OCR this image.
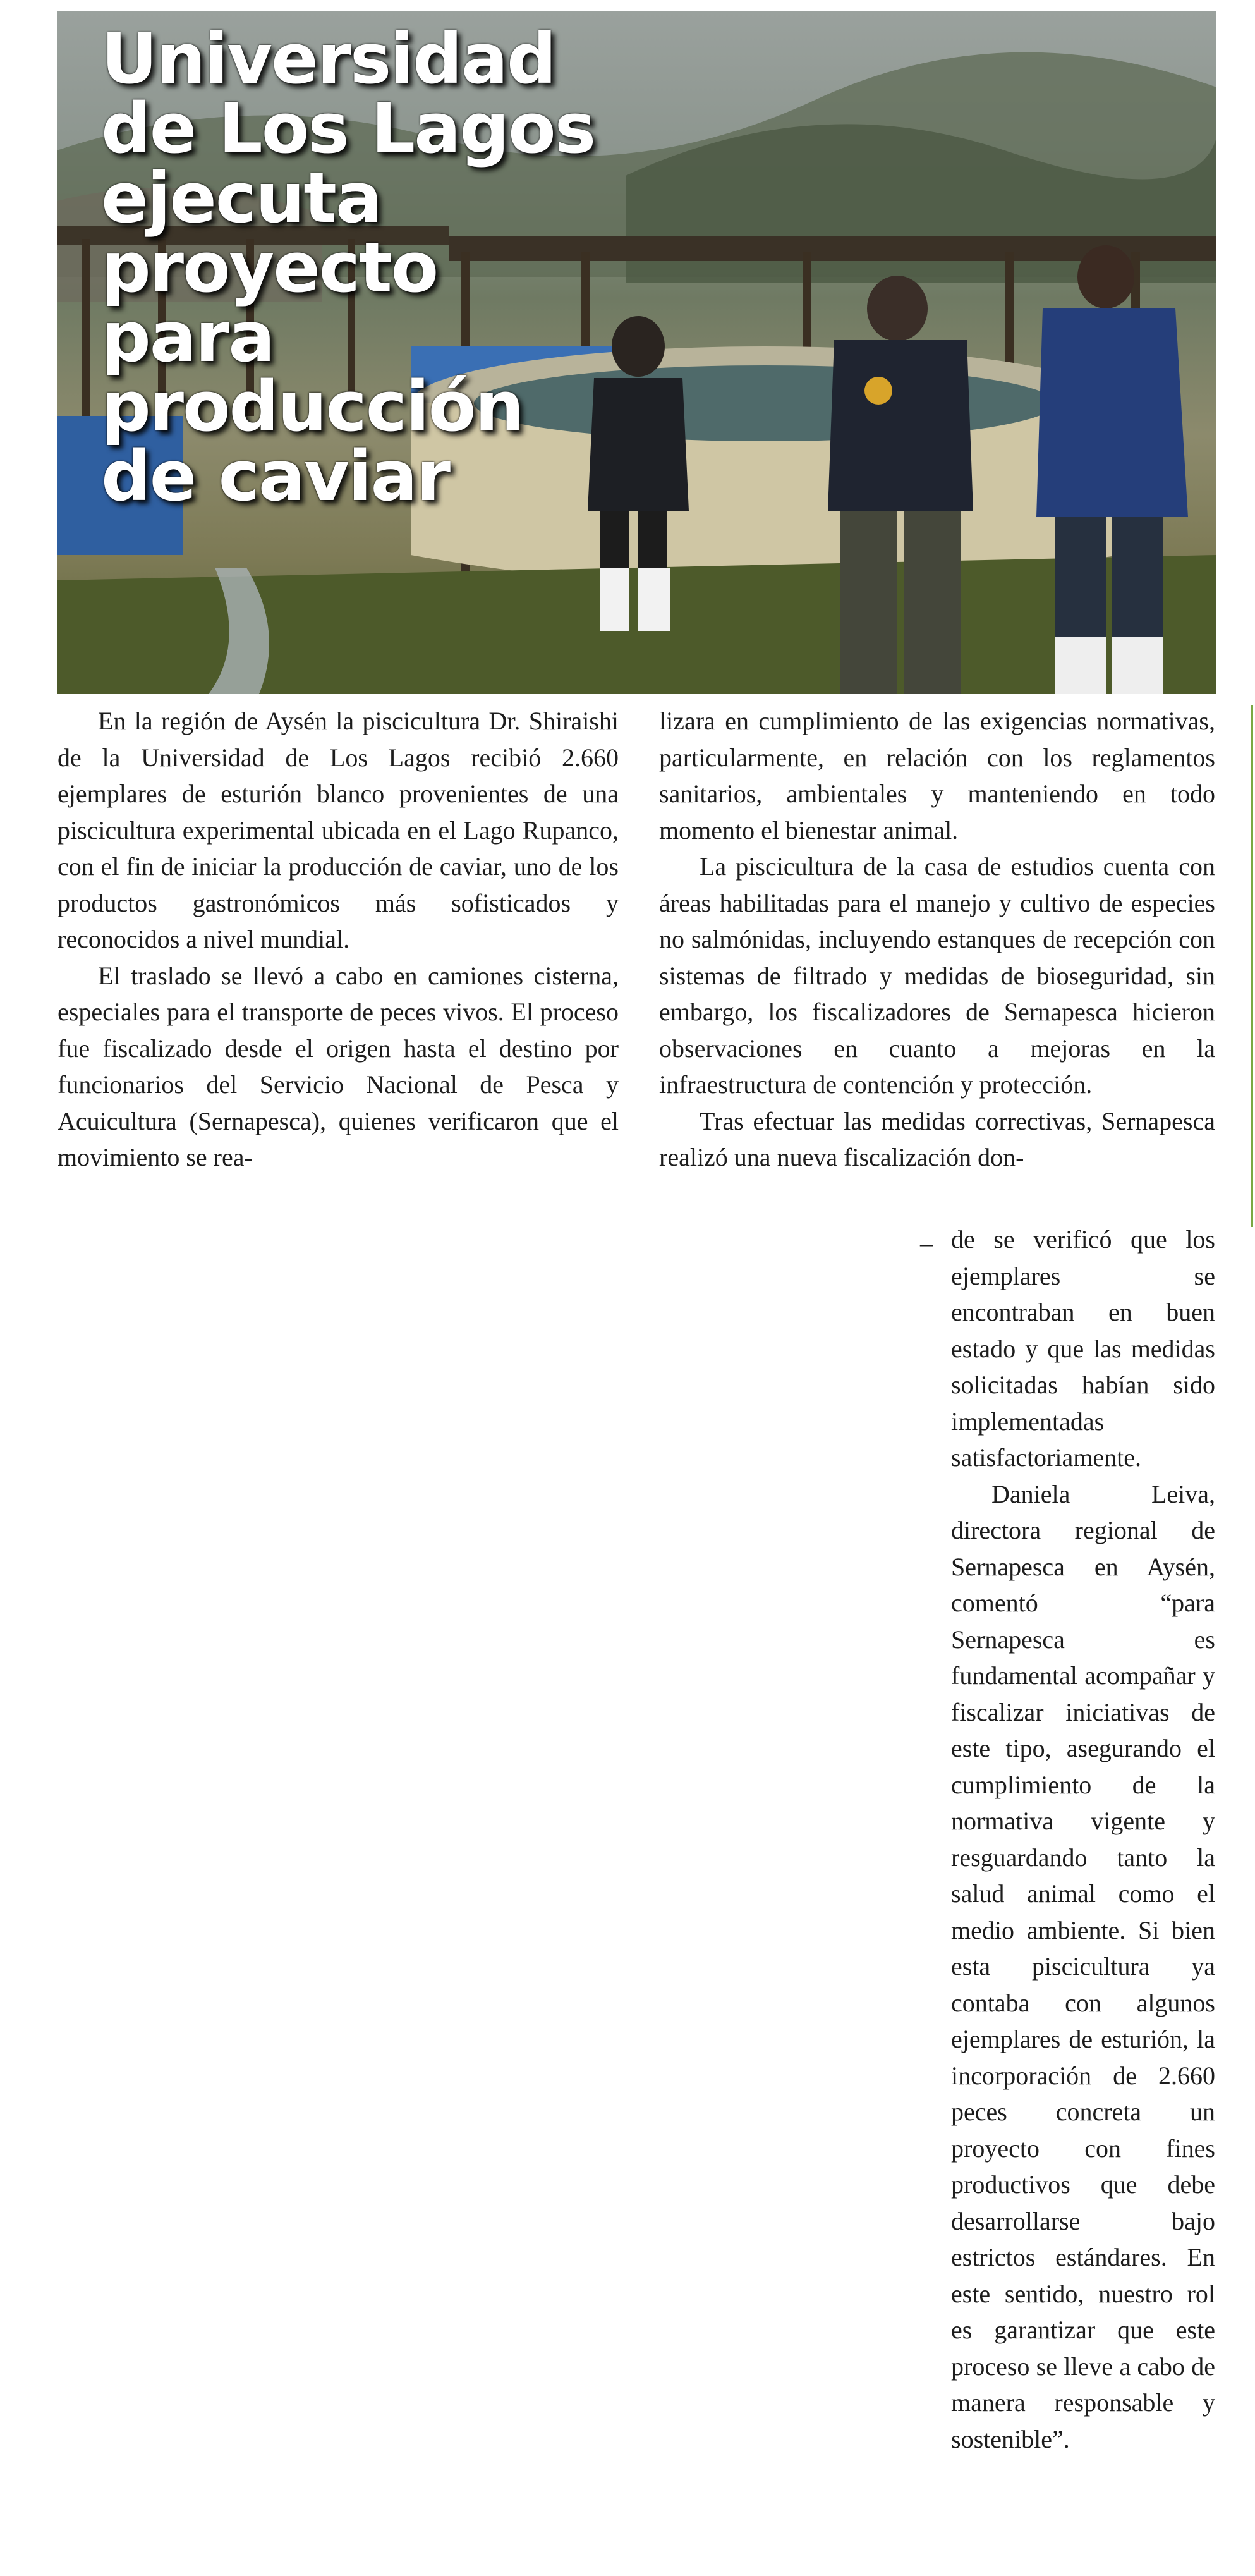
Universidad de Los Lagos ejecuta proyecto para producción de caviar

En la región de Aysén la piscicultura Dr. Shiraishi de la Universidad de Los Lagos recibió 2.660 ejemplares de esturión blanco provenientes de una piscicultura experimental ubicada en el Lago Rupanco, con el fin de iniciar la producción de caviar, uno de los productos gastronómicos más sofisticados y reconocidos a nivel mundial.

El traslado se llevó a cabo en camiones cisterna, especiales para el transporte de peces vivos. El proceso fue fiscalizado desde el origen hasta el destino por funcionarios del Servicio Nacional de Pesca y Acuicultura (Sernapesca), quienes verificaron que el movimiento se rea-

lizara en cumplimiento de las exigencias normativas, particularmente, en relación con los reglamentos sanitarios, ambientales y manteniendo en todo momento el bienestar animal.

La piscicultura de la casa de estudios cuenta con áreas habilitadas para el manejo y cultivo de especies no salmónidas, incluyendo estanques de recepción con sistemas de filtrado y medidas de bioseguridad, sin embargo, los fiscalizadores de Sernapesca hicieron observaciones en cuanto a mejoras en la infraestructura de contención y protección.

Tras efectuar las medidas correctivas, Sernapesca realizó una nueva fiscalización don-

– de se verificó que los ejemplares se encontraban en buen estado y que las medidas solicitadas habían sido implementadas satisfactoriamente.

Daniela Leiva, directora regional de Sernapesca en Aysén, comentó “para Sernapesca es fundamental acompañar y fiscalizar iniciativas de este tipo, asegurando el cumplimiento de la normativa vigente y resguardando tanto la salud animal como el medio ambiente. Si bien esta piscicultura ya contaba con algunos ejemplares de esturión, la incorporación de 2.660 peces concreta un proyecto con fines productivos que debe desarrollarse bajo estrictos estándares. En este sentido, nuestro rol es garantizar que este proceso se lleve a cabo de manera responsable y sostenible”.
